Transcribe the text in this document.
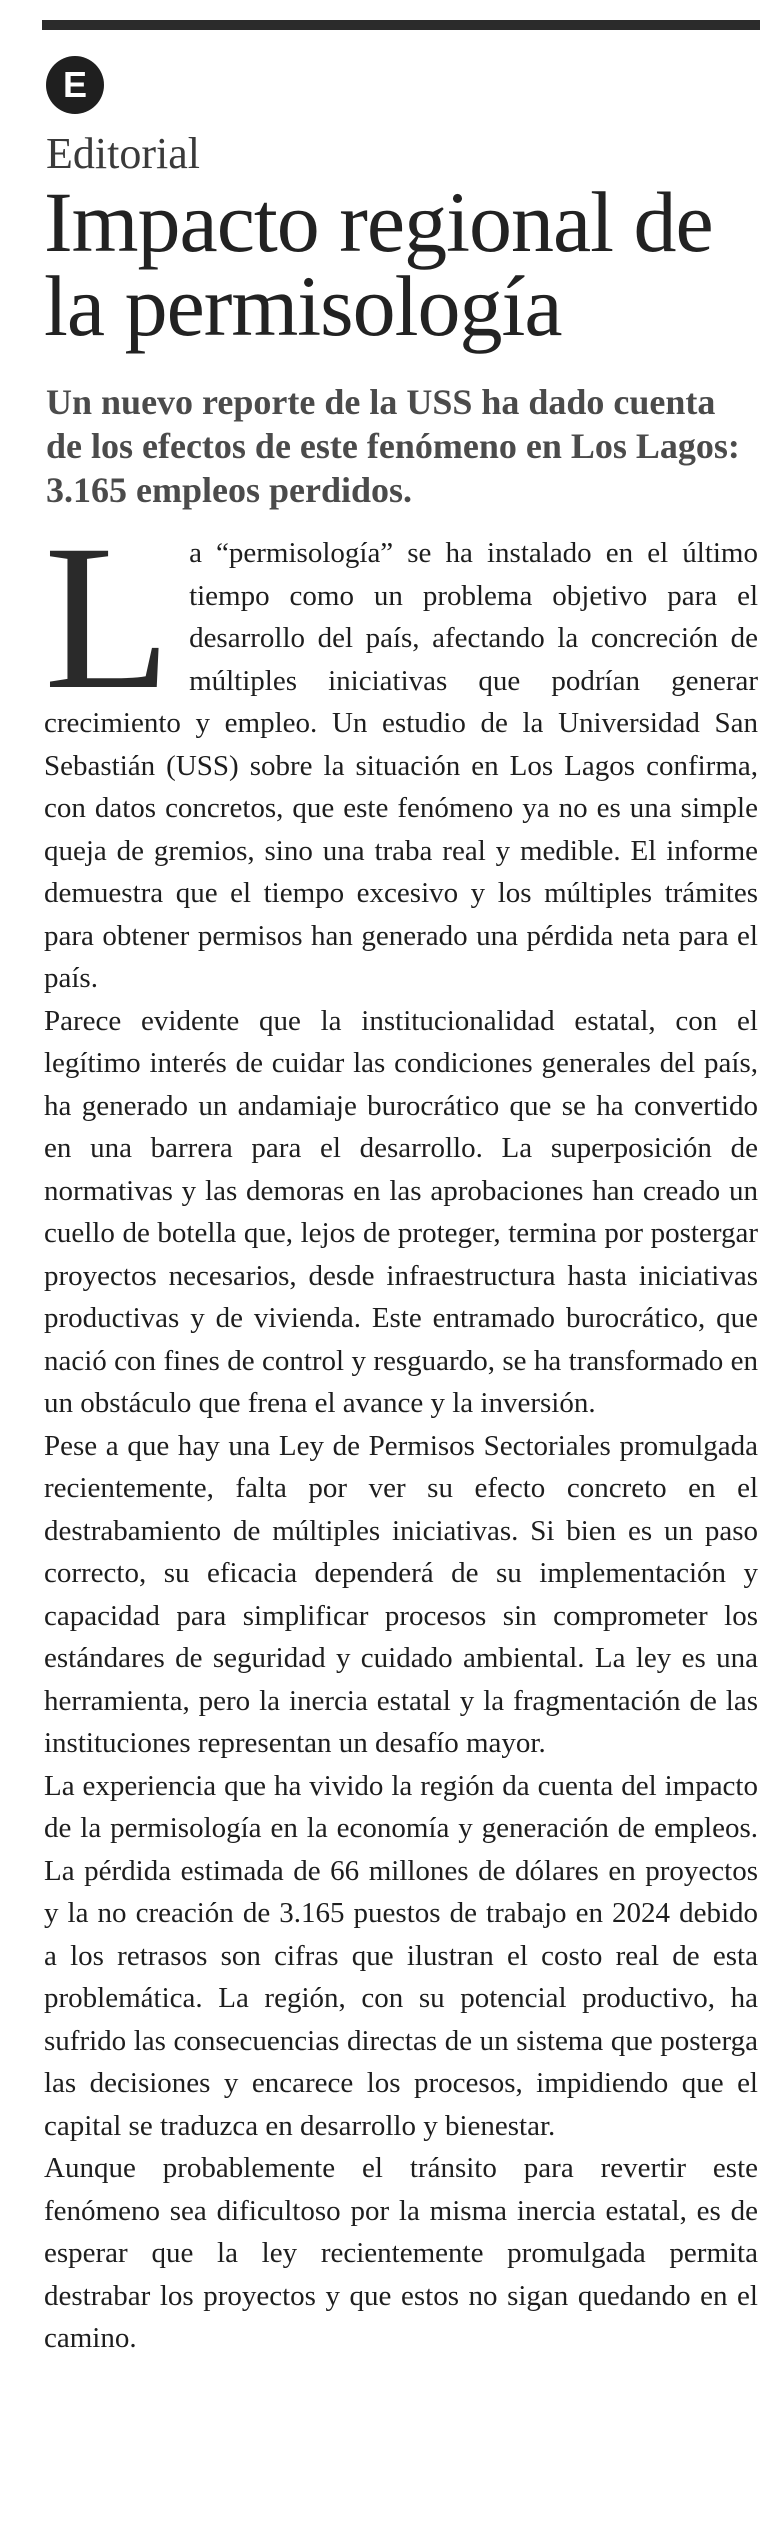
E
Editorial
Impacto regional de la permisología

Un nuevo reporte de la USS ha dado cuenta de los efectos de este fenómeno en Los Lagos: 3.165 empleos perdidos.

La “permisología” se ha instalado en el último tiempo como un problema objetivo para el desarrollo del país, afectando la concreción de múltiples iniciativas que podrían generar crecimiento y empleo. Un estudio de la Universidad San Sebastián (USS) sobre la situación en Los Lagos confirma, con datos concretos, que este fenómeno ya no es una simple queja de gremios, sino una traba real y medible. El informe demuestra que el tiempo excesivo y los múltiples trámites para obtener permisos han generado una pérdida neta para el país.

Parece evidente que la institucionalidad estatal, con el legítimo interés de cuidar las condiciones generales del país, ha generado un andamiaje burocrático que se ha convertido en una barrera para el desarrollo. La superposición de normativas y las demoras en las aprobaciones han creado un cuello de botella que, lejos de proteger, termina por postergar proyectos necesarios, desde infraestructura hasta iniciativas productivas y de vivienda. Este entramado burocrático, que nació con fines de control y resguardo, se ha transformado en un obstáculo que frena el avance y la inversión.

Pese a que hay una Ley de Permisos Sectoriales promulgada recientemente, falta por ver su efecto concreto en el destrabamiento de múltiples iniciativas. Si bien es un paso correcto, su eficacia dependerá de su implementación y capacidad para simplificar procesos sin comprometer los estándares de seguridad y cuidado ambiental. La ley es una herramienta, pero la inercia estatal y la fragmentación de las instituciones representan un desafío mayor.

La experiencia que ha vivido la región da cuenta del impacto de la permisología en la economía y generación de empleos. La pérdida estimada de 66 millones de dólares en proyectos y la no creación de 3.165 puestos de trabajo en 2024 debido a los retrasos son cifras que ilustran el costo real de esta problemática. La región, con su potencial productivo, ha sufrido las consecuencias directas de un sistema que posterga las decisiones y encarece los procesos, impidiendo que el capital se traduzca en desarrollo y bienestar.

Aunque probablemente el tránsito para revertir este fenómeno sea dificultoso por la misma inercia estatal, es de esperar que la ley recientemente promulgada permita destrabar los proyectos y que estos no sigan quedando en el camino.
